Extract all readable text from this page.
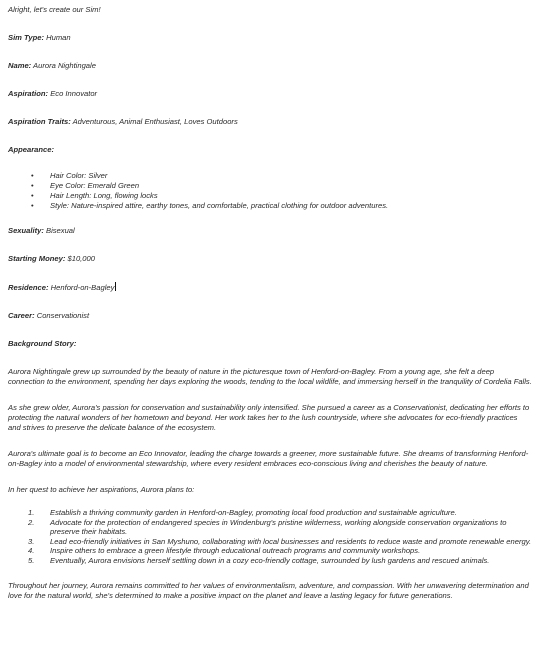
Alright, let's create our Sim!

Sim Type: Human

Name: Aurora Nightingale

Aspiration: Eco Innovator

Aspiration Traits: Adventurous, Animal Enthusiast, Loves Outdoors

Appearance:

• Hair Color: Silver
• Eye Color: Emerald Green
• Hair Length: Long, flowing locks
• Style: Nature-inspired attire, earthy tones, and comfortable, practical clothing for outdoor adventures.

Sexuality: Bisexual

Starting Money: $10,000

Residence: Henford-on-Bagley

Career: Conservationist

Background Story:

Aurora Nightingale grew up surrounded by the beauty of nature in the picturesque town of Henford-on-Bagley. From a young age, she felt a deep connection to the environment, spending her days exploring the woods, tending to the local wildlife, and immersing herself in the tranquility of Cordelia Falls.

As she grew older, Aurora's passion for conservation and sustainability only intensified. She pursued a career as a Conservationist, dedicating her efforts to protecting the natural wonders of her hometown and beyond. Her work takes her to the lush countryside, where she advocates for eco-friendly practices and strives to preserve the delicate balance of the ecosystem.

Aurora's ultimate goal is to become an Eco Innovator, leading the charge towards a greener, more sustainable future. She dreams of transforming Henford-on-Bagley into a model of environmental stewardship, where every resident embraces eco-conscious living and cherishes the beauty of nature.

In her quest to achieve her aspirations, Aurora plans to:

1. Establish a thriving community garden in Henford-on-Bagley, promoting local food production and sustainable agriculture.
2. Advocate for the protection of endangered species in Windenburg's pristine wilderness, working alongside conservation organizations to preserve their habitats.
3. Lead eco-friendly initiatives in San Myshuno, collaborating with local businesses and residents to reduce waste and promote renewable energy.
4. Inspire others to embrace a green lifestyle through educational outreach programs and community workshops.
5. Eventually, Aurora envisions herself settling down in a cozy eco-friendly cottage, surrounded by lush gardens and rescued animals.

Throughout her journey, Aurora remains committed to her values of environmentalism, adventure, and compassion. With her unwavering determination and love for the natural world, she's determined to make a positive impact on the planet and leave a lasting legacy for future generations.
